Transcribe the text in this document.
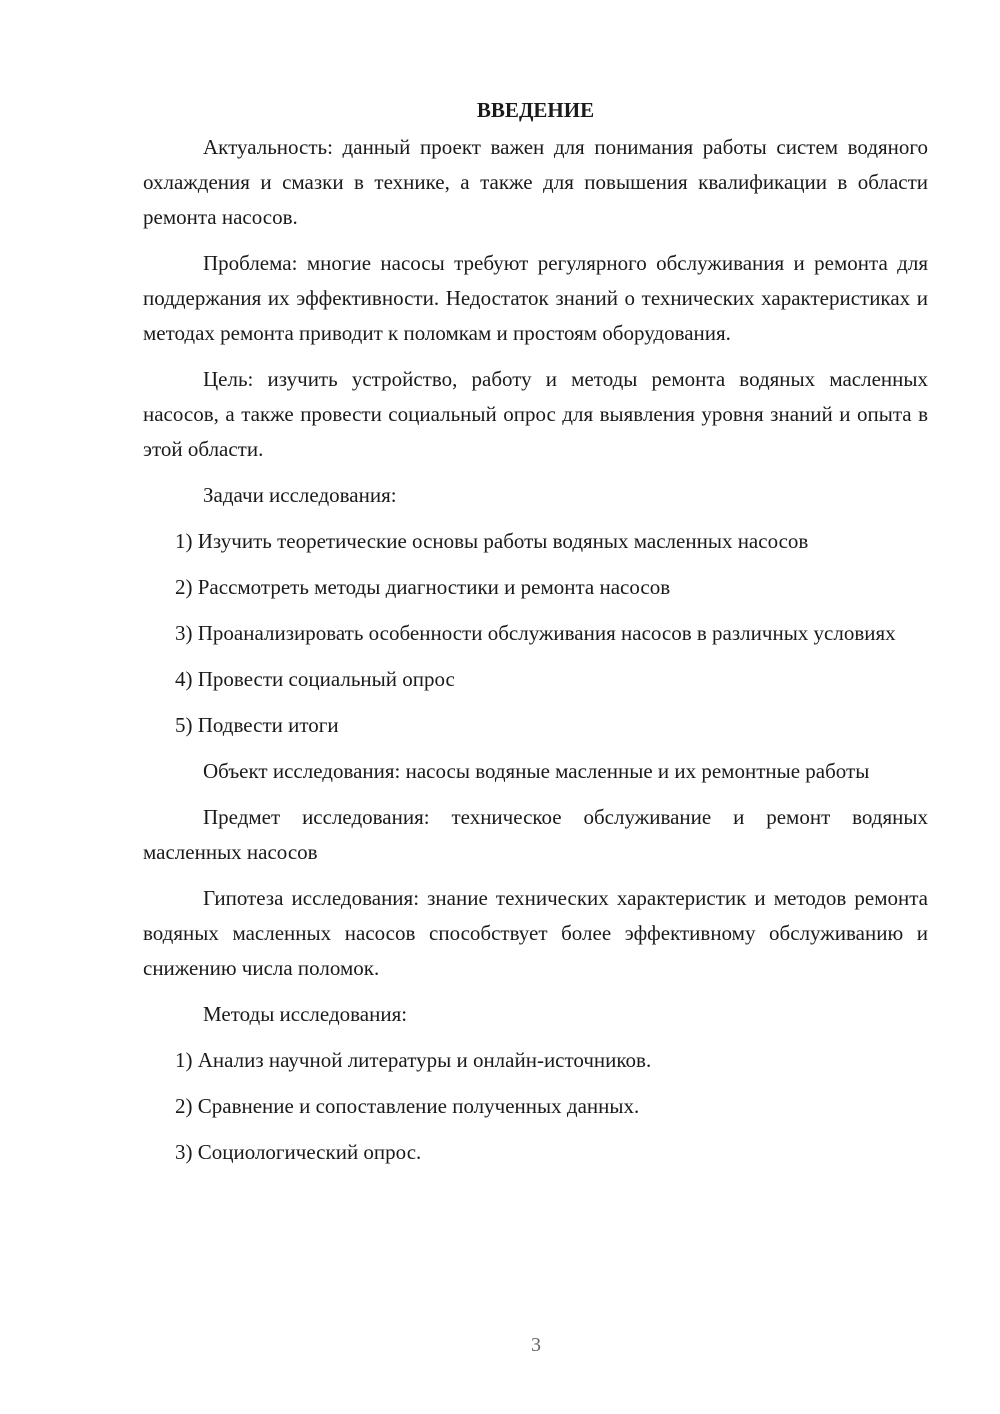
ВВЕДЕНИЕ

Актуальность: данный проект важен для понимания работы систем водяного охлаждения и смазки в технике, а также для повышения квалификации в области ремонта насосов.

Проблема: многие насосы требуют регулярного обслуживания и ремонта для поддержания их эффективности. Недостаток знаний о технических характеристиках и методах ремонта приводит к поломкам и простоям оборудования.

Цель: изучить устройство, работу и методы ремонта водяных масленных насосов, а также провести социальный опрос для выявления уровня знаний и опыта в этой области.

Задачи исследования:

1) Изучить теоретические основы работы водяных масленных насосов

2) Рассмотреть методы диагностики и ремонта насосов

3) Проанализировать особенности обслуживания насосов в различных условиях

4) Провести социальный опрос

5) Подвести итоги

Объект исследования: насосы водяные масленные и их ремонтные работы

Предмет исследования: техническое обслуживание и ремонт водяных масленных насосов

Гипотеза исследования: знание технических характеристик и методов ремонта водяных масленных насосов способствует более эффективному обслуживанию и снижению числа поломок.

Методы исследования:

1) Анализ научной литературы и онлайн-источников.

2) Сравнение и сопоставление полученных данных.

3) Социологический опрос.

3
